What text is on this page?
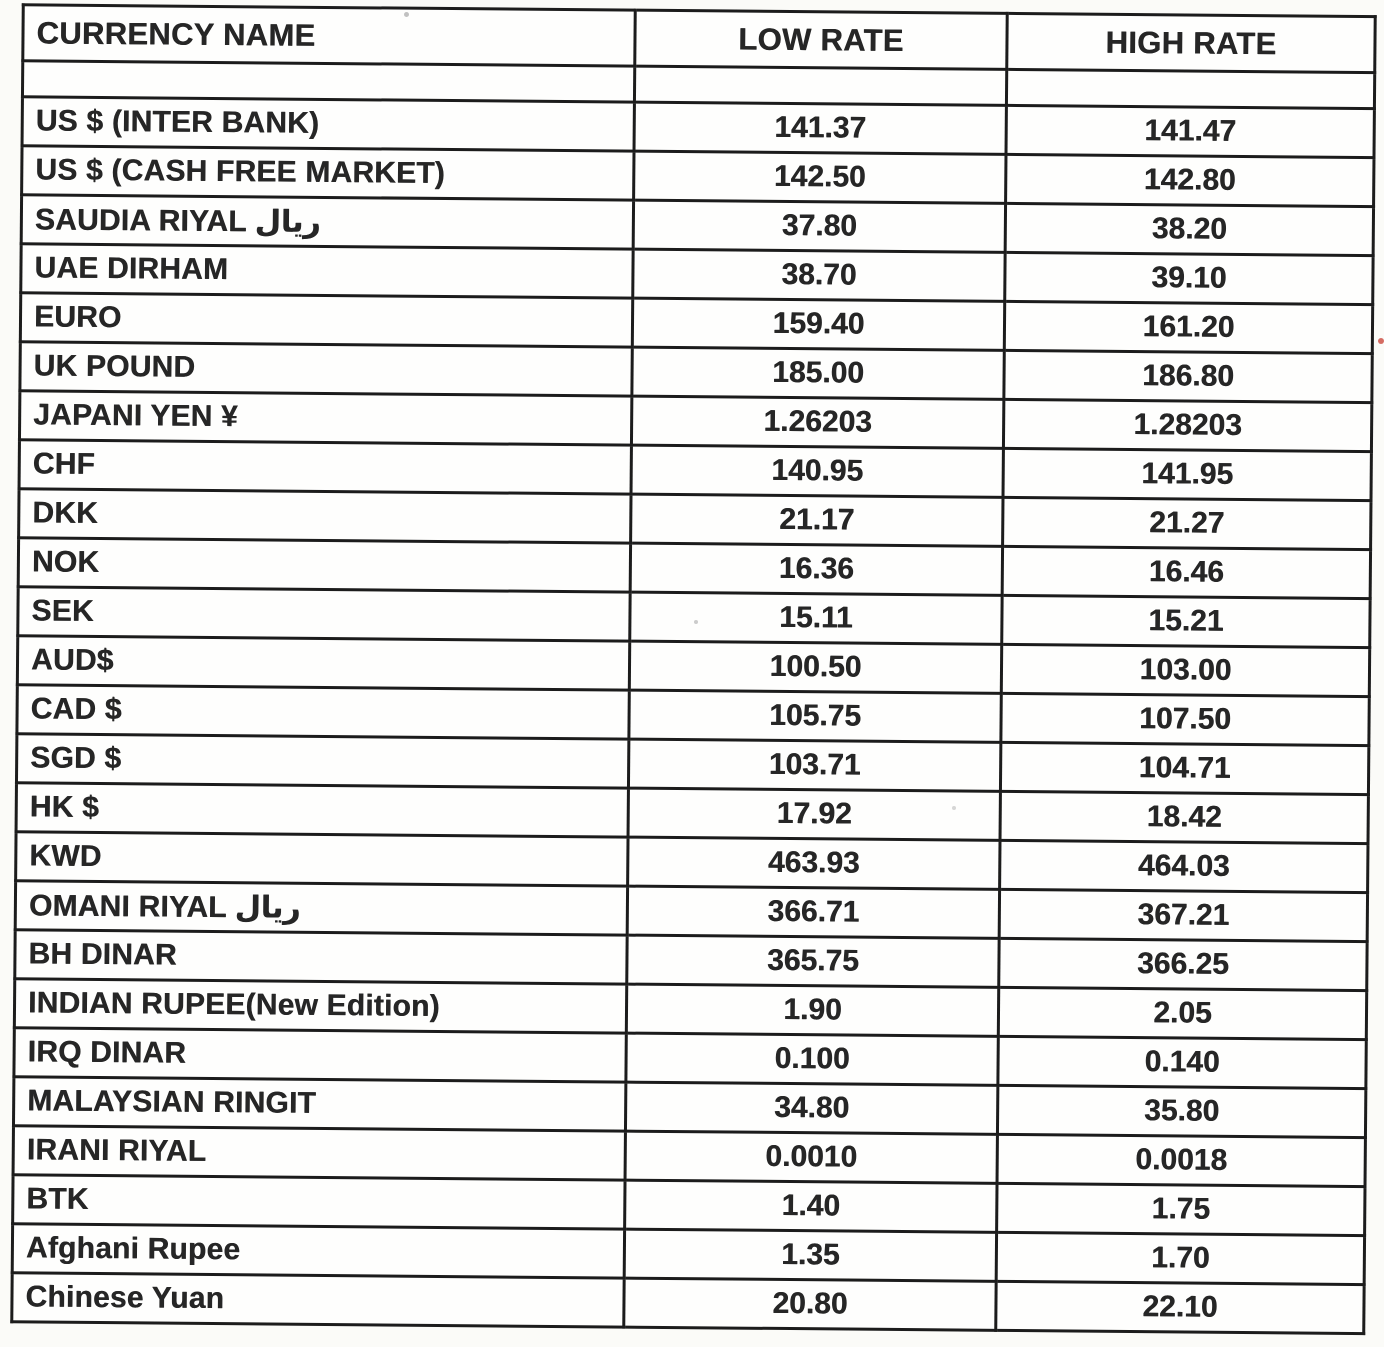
CURRENCY NAME	LOW RATE	HIGH RATE

US $ (INTER BANK)	141.37	141.47
US $ (CASH FREE MARKET)	142.50	142.80
SAUDIA RIYAL ريال	37.80	38.20
UAE DIRHAM	38.70	39.10
EURO	159.40	161.20
UK POUND	185.00	186.80
JAPANI YEN ¥	1.26203	1.28203
CHF	140.95	141.95
DKK	21.17	21.27
NOK	16.36	16.46
SEK	15.11	15.21
AUD$	100.50	103.00
CAD $	105.75	107.50
SGD $	103.71	104.71
HK $	17.92	18.42
KWD	463.93	464.03
OMANI RIYAL ريال	366.71	367.21
BH DINAR	365.75	366.25
INDIAN RUPEE(New Edition)	1.90	2.05
IRQ DINAR	0.100	0.140
MALAYSIAN RINGIT	34.80	35.80
IRANI RIYAL	0.0010	0.0018
BTK	1.40	1.75
Afghani Rupee	1.35	1.70
Chinese Yuan	20.80	22.10
